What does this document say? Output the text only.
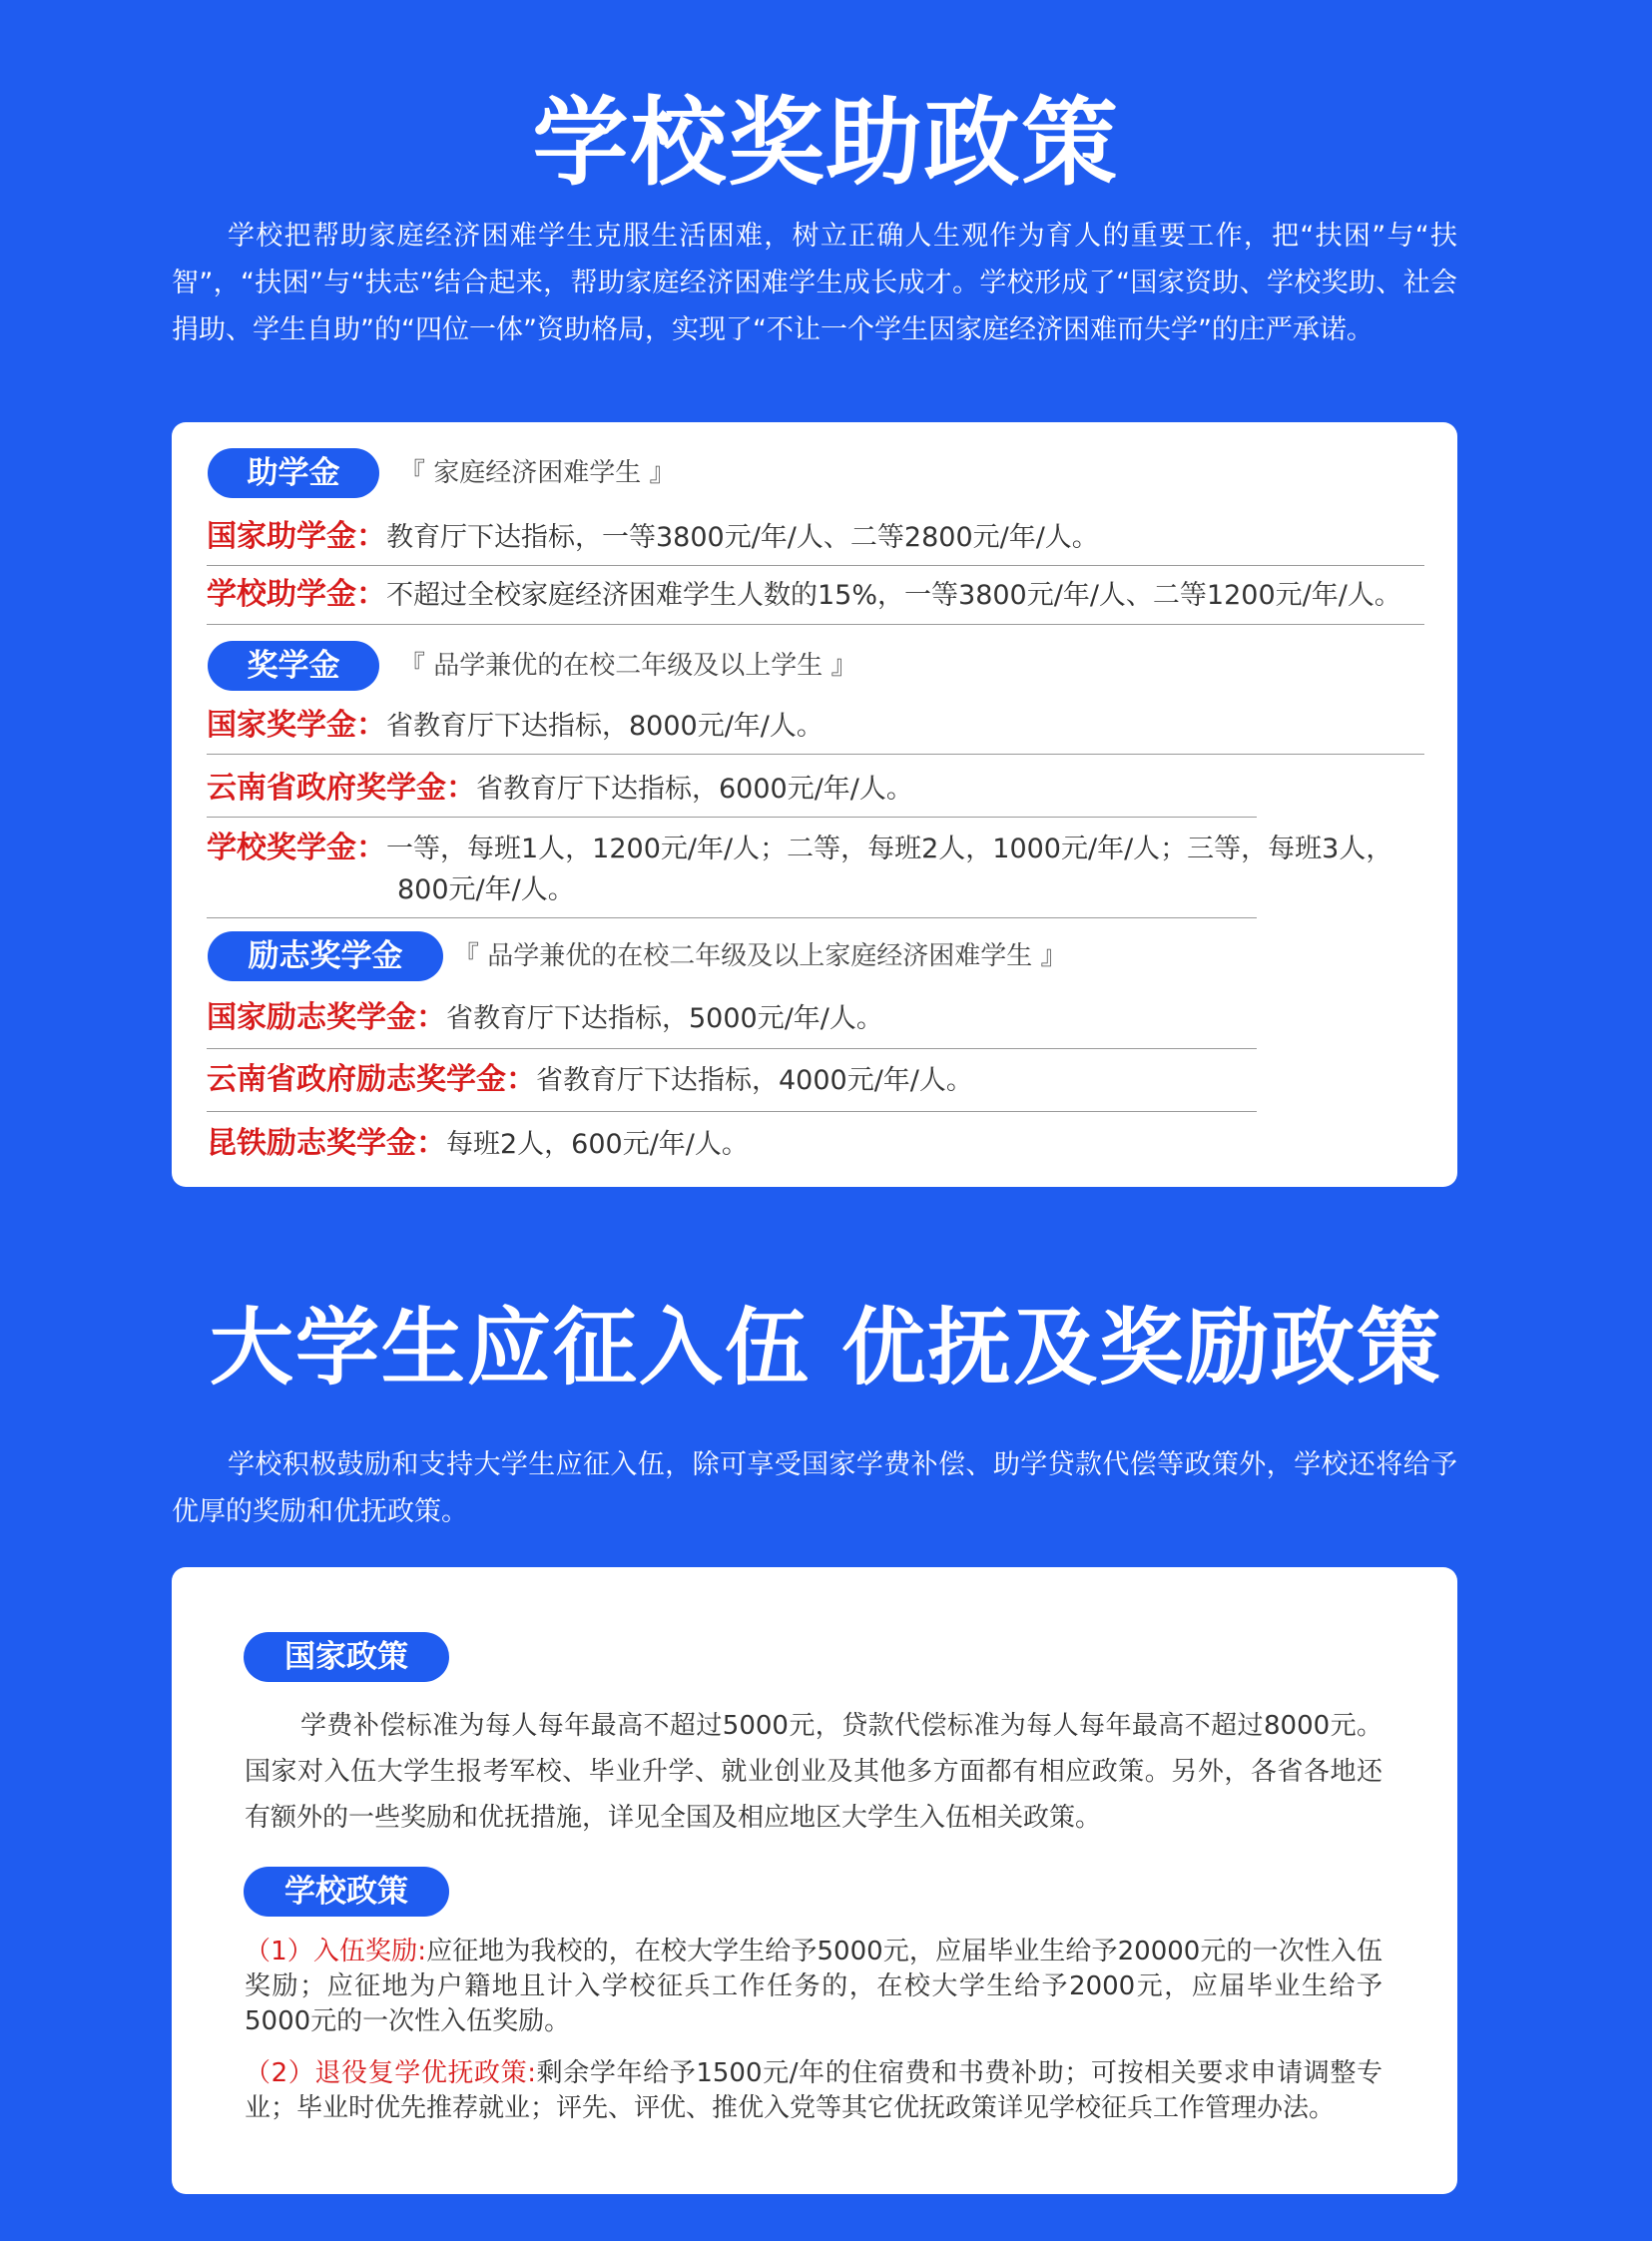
学校奖助政策

学校把帮助家庭经济困难学生克服生活困难，树立正确人生观作为育人的重要工作，把“扶困”与“扶智”，“扶困”与“扶志”结合起来，帮助家庭经济困难学生成长成才。学校形成了“国家资助、学校奖助、社会捐助、学生自助”的“四位一体”资助格局，实现了“不让一个学生因家庭经济困难而失学”的庄严承诺。

助学金	『 家庭经济困难学生 』
国家助学金：教育厅下达指标，一等3800元/年/人、二等2800元/年/人。
学校助学金：不超过全校家庭经济困难学生人数的15%，一等3800元/年/人、二等1200元/年/人。
奖学金	『 品学兼优的在校二年级及以上学生 』
国家奖学金：省教育厅下达指标，8000元/年/人。
云南省政府奖学金：省教育厅下达指标，6000元/年/人。
学校奖学金：一等，每班1人，1200元/年/人；二等，每班2人，1000元/年/人；三等，每班3人，
800元/年/人。
励志奖学金	『 品学兼优的在校二年级及以上家庭经济困难学生 』
国家励志奖学金：省教育厅下达指标，5000元/年/人。
云南省政府励志奖学金：省教育厅下达指标，4000元/年/人。
昆铁励志奖学金：每班2人，600元/年/人。
大学生应征入伍 优抚及奖励政策

学校积极鼓励和支持大学生应征入伍，除可享受国家学费补偿、助学贷款代偿等政策外，学校还将给予优厚的奖励和优抚政策。

国家政策

学费补偿标准为每人每年最高不超过5000元，贷款代偿标准为每人每年最高不超过8000元。国家对入伍大学生报考军校、毕业升学、就业创业及其他多方面都有相应政策。另外，各省各地还有额外的一些奖励和优抚措施，详见全国及相应地区大学生入伍相关政策。

学校政策

（1）入伍奖励:应征地为我校的，在校大学生给予5000元，应届毕业生给予20000元的一次性入伍奖励；应征地为户籍地且计入学校征兵工作任务的，在校大学生给予2000元，应届毕业生给予5000元的一次性入伍奖励。

（2）退役复学优抚政策:剩余学年给予1500元/年的住宿费和书费补助；可按相关要求申请调整专业；毕业时优先推荐就业；评先、评优、推优入党等其它优抚政策详见学校征兵工作管理办法。
